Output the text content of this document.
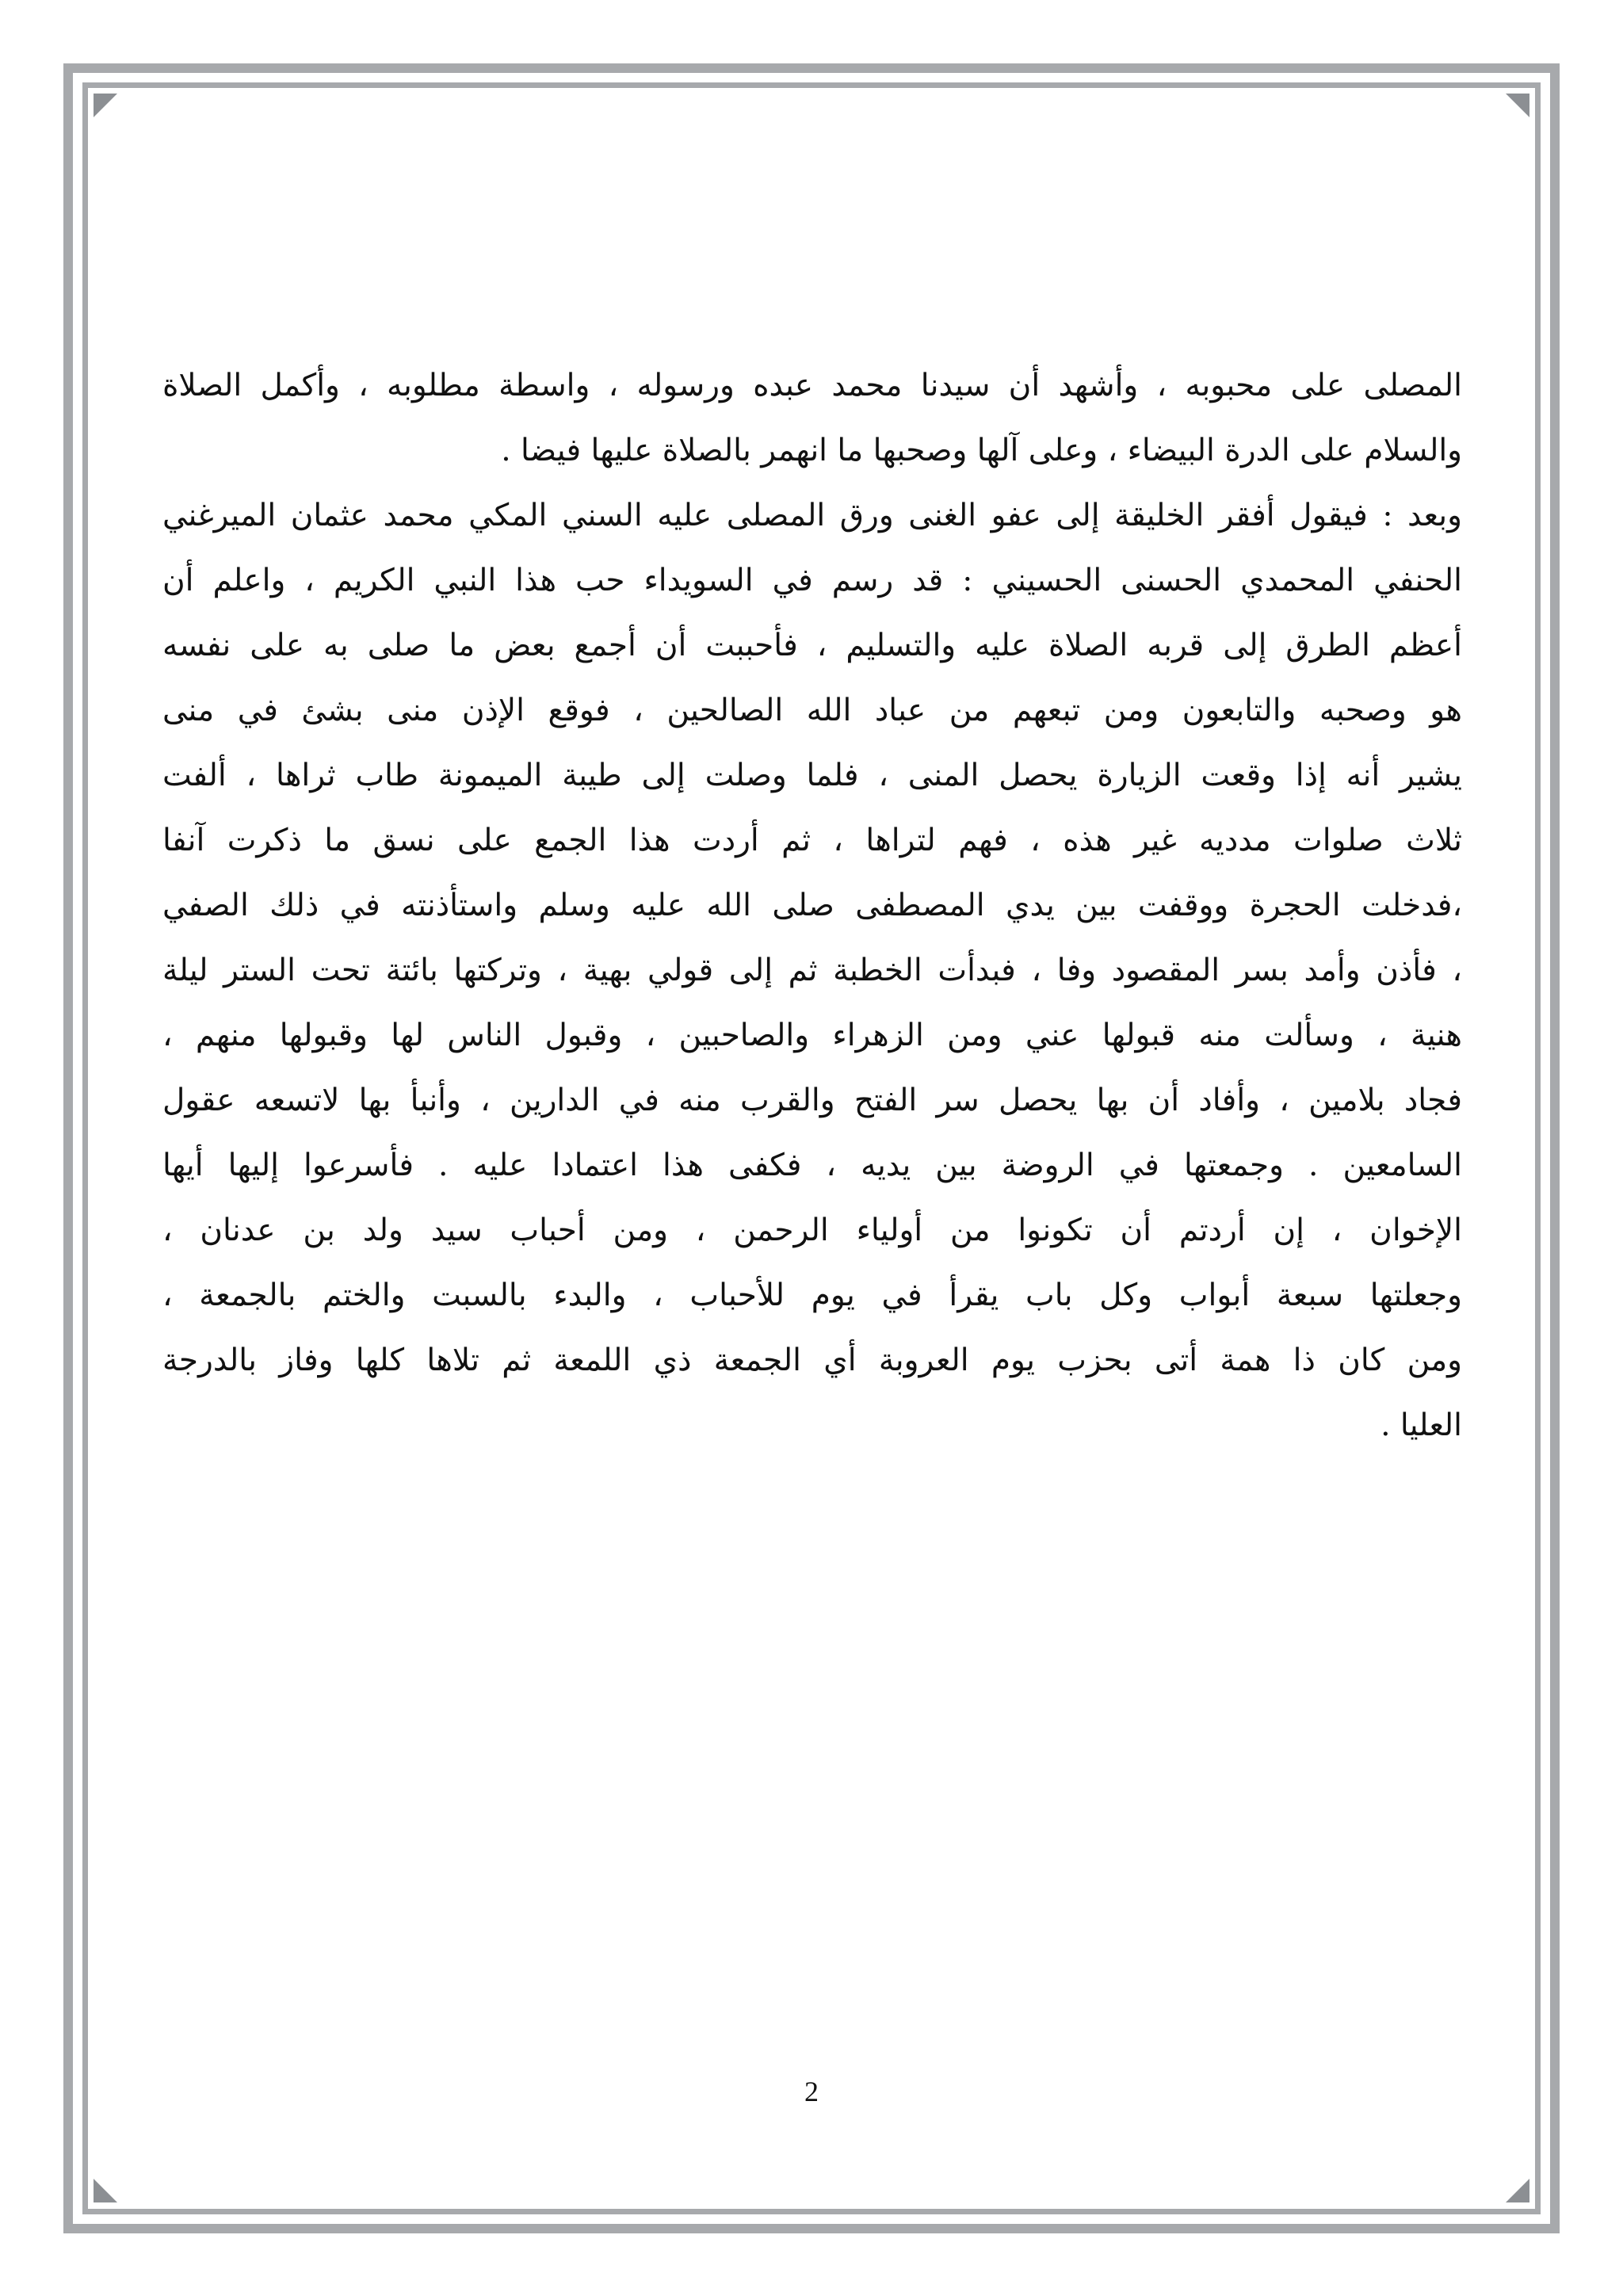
المصلى على محبوبه ، وأشهد أن سيدنا محمد عبده ورسوله ، واسطة مطلوبه ، وأكمل الصلاة
والسلام على الدرة البيضاء ، وعلى آلها وصحبها ما انهمر بالصلاة عليها فيضا .
وبعد : فيقول أفقر الخليقة إلى عفو الغنى ورق المصلى عليه السني المكي محمد عثمان الميرغني
الحنفي المحمدي الحسنى الحسيني : قد رسم في السويداء حب هذا النبي الكريم ، واعلم أن
أعظم الطرق إلى قربه الصلاة عليه والتسليم ، فأحببت أن أجمع بعض ما صلى به على نفسه
هو وصحبه والتابعون ومن تبعهم من عباد الله الصالحين ، فوقع الإذن منى بشئ في منى
يشير أنه إذا وقعت الزيارة يحصل المنى ، فلما وصلت إلى طيبة الميمونة طاب ثراها ، ألفت
ثلاث صلوات مدديه غير هذه ، فهم لتراها ، ثم أردت هذا الجمع على نسق ما ذكرت آنفا
،فدخلت الحجرة ووقفت بين يدي المصطفى صلى الله عليه وسلم واستأذنته في ذلك الصفي
، فأذن وأمد بسر المقصود وفا ، فبدأت الخطبة ثم إلى قولي بهية ، وتركتها بائتة تحت الستر ليلة
هنية ، وسألت منه قبولها عني ومن الزهراء والصاحبين ، وقبول الناس لها وقبولها منهم ،
فجاد بلامين ، وأفاد أن بها يحصل سر الفتح والقرب منه في الدارين ، وأنبأ بها لاتسعه عقول
السامعين . وجمعتها في الروضة بين يديه ، فكفى هذا اعتمادا عليه . فأسرعوا إليها أيها
الإخوان ، إن أردتم أن تكونوا من أولياء الرحمن ، ومن أحباب سيد ولد بن عدنان ،
وجعلتها سبعة أبواب وكل باب يقرأ في يوم للأحباب ، والبدء بالسبت والختم بالجمعة ،
ومن كان ذا همة أتى بحزب يوم العروبة أي الجمعة ذي اللمعة ثم تلاها كلها وفاز بالدرجة
العليا .
2
